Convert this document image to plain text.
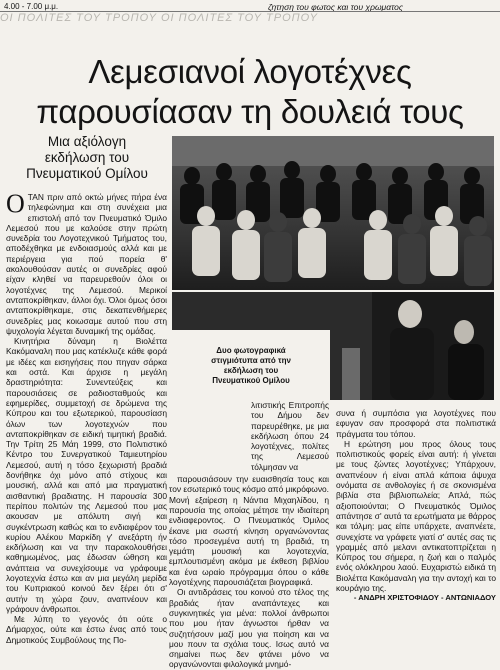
4.00 - 7.00 μ.μ.	ζητηση του φωτος και του χρωματος
ΟΙ ΠΟΛΙΤΕΣ ΤΟΥ ΤΡΟΠΟΥ ΟΙ ΠΟΛΙΤΕΣ ΤΟΥ ΤΡΟΠΟΥ
Λεμεσιανοί λογοτέχνες
παρουσίασαν τη δουλειά τους
Μια αξιόλογη
εκδήλωση του
Πνευματικού Ομίλου
Δυο φωτογραφικά
στιγμιότυπα από την
εκδήλωση του
Πνευματικού Ομίλου

ΟΤΑΝ πριν από οκτώ μήνες πήρα ένα τηλεφώνημα και στη συνέχεια μια επιστολή από τον Πνευματικό Όμιλο Λεμεσού που με καλούσε στην πρώτη συνεδρία του Λογοτεχνικού Τμήματος του, αποδέχθηκα με ενδοιασμούς αλλά και με περιέργεια για πού πορεία θ' ακολουθούσαν αυτές οι συνεδρίες αφού είχαν κληθεί να παρευρεθούν όλοι οι λογοτέχνες της Λεμεσού. Μερικοί ανταποκρίθηκαν, άλλοι όχι. Όλοι όμως όσοι ανταποκρίθηκαμε, στις δεκαπενθήμερες συνεδρίες μας κοιωσαμε αυτού που στη ψυχολογία λέγεται δυναμική της ομάδας.

Κινητήρια δύναμη η Βιολέττα Κακόμαναλη που μας κατέκλυζε κάθε φορά με ιδέες και εισηγήσεις που πηγαν σάρκα και οστά. Και άρχισε η μεγάλη δραστηριότητα: Συνεντεύξεις και παρουσιάσεις σε ραδιοσταθμούς και εφημερίδες, συμμετοχή σε δρώμενα της Κύπρου και του εξωτερικού, παρουσίαση όλων των λογοτεχνών που ανταποκρίθηκαν σε ειδική τιμητική βραδιά. Την Τρίτη 25 Μάη 1999, στο Πολιτιστικό Κέντρο του Συνεργατικού Ταμιευτηρίου Λεμεσού, αυτή η τόσο ξεχωριστή βραδιά δονήθηκε όχι μόνο από στίχους και μουσική, αλλά και από μια πραγματική αισθαντική βραδιατης. Η παρουσία 300 περίπου πολιτών της Λεμεσού που μας ακουσαν με απόλυτη σιγή και συγκέντρωση καθώς και το ενδιαφέρον του κυρίου Αλέκου Μαρκίδη γ' ανεξάρτη ήν εκδήλωση και να την παρακολουθήσει καθημωμένος, μας έδωσαν ώθηση και ανάπτεια να συνεχίσουμε να γράφουμε λογοτεχνία έστω και αν μια μεγάλη μερίδα του Κυπριακού κοινού δεν ξέρει ότι σ' αυτήν τη χώρα ζουν, αναπνέουν και γράφουν άνθρωποι.

Με λύπη το γεγονός ότι ούτε ο Δήμαρχος, ούτε και έστω ένας από τους Δημοτικούς Συμβούλους της Πο-

λιτιστικής Επιτροπής του Δήμου δεν παρευρέθηκε, με μια εκδήλωση όπου 24 λογοτέχνες, πολίτες της Λεμεσού τόλμησαν να

παρουσιάσουν την ευαισθησία τους και τον εσωτερικό τους κόσμο από μικρόφωνο. Μονή εξαίρεση η Νάντια Μιχαηλίδου, η παρουσία της οποίας μέτησε την ιδιαίτερη ενδιαφεροντος. Ο Πνευματικός Όμιλος έκανε μια σωστή κίνηση οργανώνοντας τόσο προσεγμένα αυτή τη βραδιά, τη γεμάτη μουσική και λογοτεχνία, εμπλουτισμένη ακόμα με έκθεση βιβλίου και ένα ωραίο πρόγραμμα όπου ο κάθε λογοτέχνης παρουσιάζεται βιογραφικά.

Οι αντιδράσεις του κοινού στο τέλος της βραδιάς ήταν αναπάντεχες και συγκινητικές για μένα: πολλοί άνθρωποι που μου ήταν άγνωστοι ήρθαν να συζητήσουν μαζί μου για ποίηση και να μου πουν τα σχόλια τους. Ισως αυτό να σημαίνει πως δεν φτάνει μόνο να οργανώνονται φιλολογικά μνημό-

συνα ή συμπόσια για λογοτέχνες που εφυγαν σαν προσφορά στα πολιτιστικά πράγματα του τόπου.

Η ερώτηση μου προς όλους τους πολιτιστικούς φορείς είναι αυτή: ή γίνεται με τους ζώντες λογοτέχνες; Υπάρχουν, αναπνέουν ή είναι απλά κάποια άψυχα ονόματα σε ανθολογίες ή σε σκονισμένα βιβλία στα βιβλιοπωλεία; Απλά, πώς αξιοποιούνται; Ο Πνευματικός Όμιλος απάντησε σ' αυτά τα ερωτήματα με θάρρος και τόλμη: μας είπε υπάρχετε, αναπνέετε, συνεχίστε να γράφετε γιατί σ' αυτές σας τις γραμμές από μελανι αντικατοπτρίζεται η Κύπρος του σήμερα, η ζωή και ο παλμός ενός ολόκληρου λαού. Ευχαριστώ ειδικά τη Βιολέττα Κακόμαναλη για την αντοχή και το κουράγιο της.

- ΑΝΔΡΗ ΧΡΙΣΤΟΦΙΔΟΥ - ΑΝΤΩΝΙΑΔΟΥ
